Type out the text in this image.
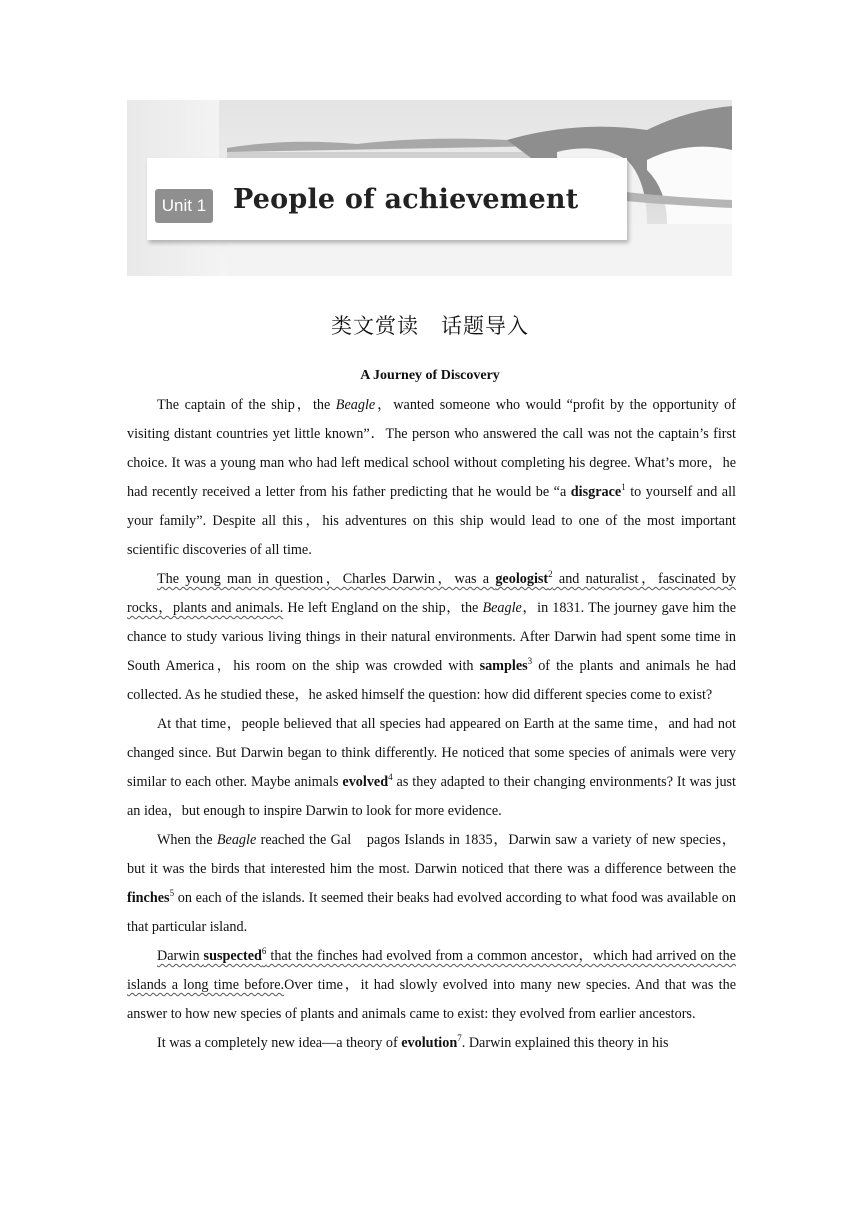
Unit 1 People of achievement
类文赏读 话题导入
A Journey of Discovery

The captain of the ship，the Beagle，wanted someone who would “profit by the opportunity of visiting distant countries yet little known”．The person who answered the call was not the captain’s first choice. It was a young man who had left medical school without completing his degree. What’s more，he had recently received a letter from his father predicting that he would be “a disgrace$^1$ to yourself and all your family”. Despite all this，his adventures on this ship would lead to one of the most important scientific discoveries of all time.

The young man in question，Charles Darwin，was a geologist$^2$ and naturalist，fascinated by rocks，plants and animals. He left England on the ship，the Beagle，in 1831. The journey gave him the chance to study various living things in their natural environments. After Darwin had spent some time in South America，his room on the ship was crowded with samples$^3$ of the plants and animals he had collected. As he studied these，he asked himself the question: how did different species come to exist?

At that time，people believed that all species had appeared on Earth at the same time，and had not changed since. But Darwin began to think differently. He noticed that some species of animals were very similar to each other. Maybe animals evolved$^4$ as they adapted to their changing environments? It was just an idea，but enough to inspire Darwin to look for more evidence.

When the Beagle reached the Gal　pagos Islands in 1835，Darwin saw a variety of new species，but it was the birds that interested him the most. Darwin noticed that there was a difference between the finches$^5$ on each of the islands. It seemed their beaks had evolved according to what food was available on that particular island.

Darwin suspected$^6$ that the finches had evolved from a common ancestor，which had arrived on the islands a long time before.Over time，it had slowly evolved into many new species. And that was the answer to how new species of plants and animals came to exist: they evolved from earlier ancestors.

It was a completely new idea—a theory of evolution$^7$. Darwin explained this theory in his
